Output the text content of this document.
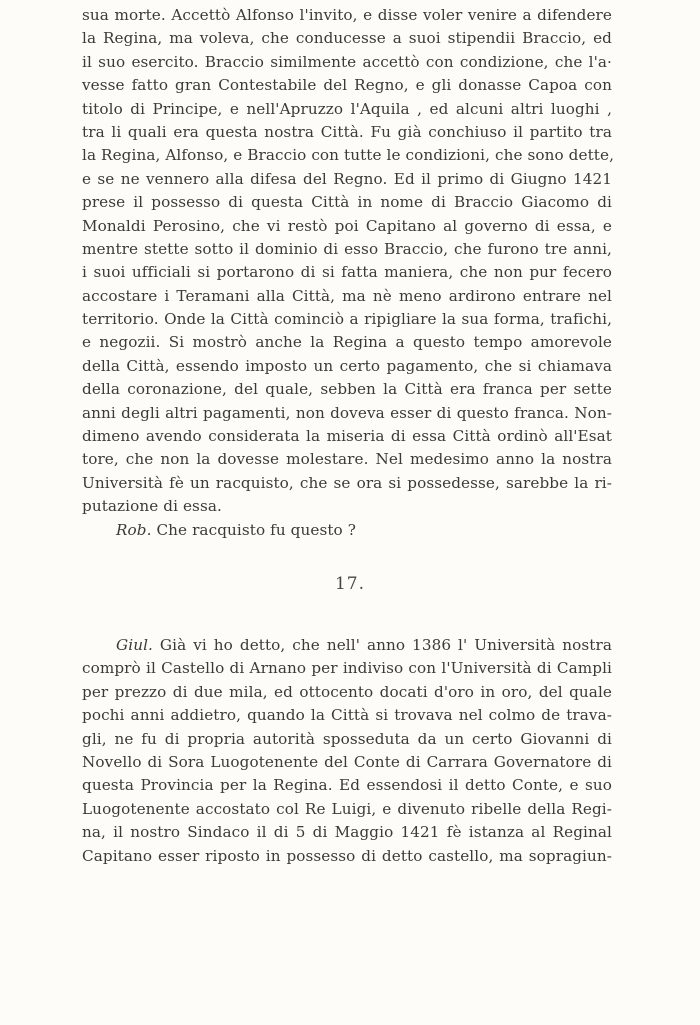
sua morte. Accettò Alfonso l'invito, e disse voler venire a difendere
la Regina, ma voleva, che conducesse a suoi stipendii Braccio, ed
il suo esercito. Braccio similmente accettò con condizione, che l'a·
vesse fatto gran Contestabile del Regno, e gli donasse Capoa con
titolo di Principe, e nell'Apruzzo l'Aquila , ed alcuni altri luoghi ,
tra li quali era questa nostra Città. Fu già conchiuso il partito tra
la Regina, Alfonso, e Braccio con tutte le condizioni, che sono dette,
e se ne vennero alla difesa del Regno. Ed il primo di Giugno 1421
prese il possesso di questa Città in nome di Braccio Giacomo di
Monaldi Perosino, che vi restò poi Capitano al governo di essa, e
mentre stette sotto il dominio di esso Braccio, che furono tre anni,
i suoi ufficiali si portarono di si fatta maniera, che non pur fecero
accostare i Teramani alla Città, ma nè meno ardirono entrare nel
territorio. Onde la Città cominciò a ripigliare la sua forma, trafichi,
e negozii. Si mostrò anche la Regina a questo tempo amorevole
della Città, essendo imposto un certo pagamento, che si chiamava
della coronazione, del quale, sebben la Città era franca per sette
anni degli altri pagamenti, non doveva esser di questo franca. Non-
dimeno avendo considerata la miseria di essa Città ordinò all'Esat
tore, che non la dovesse molestare. Nel medesimo anno la nostra
Università fè un racquisto, che se ora si possedesse, sarebbe la ri-
putazione di essa.
Rob. Che racquisto fu questo ?
17.
Giul. Già vi ho detto, che nell' anno 1386 l' Università nostra
comprò il Castello di Arnano per indiviso con l'Università di Campli
per prezzo di due mila, ed ottocento docati d'oro in oro, del quale
pochi anni addietro, quando la Città si trovava nel colmo de trava-
gli, ne fu di propria autorità sposseduta da un certo Giovanni di
Novello di Sora Luogotenente del Conte di Carrara Governatore di
questa Provincia per la Regina. Ed essendosi il detto Conte, e suo
Luogotenente accostato col Re Luigi, e divenuto ribelle della Regi-
na, il nostro Sindaco il di 5 di Maggio 1421 fè istanza al Reginal
Capitano esser riposto in possesso di detto castello, ma sopragiun-
